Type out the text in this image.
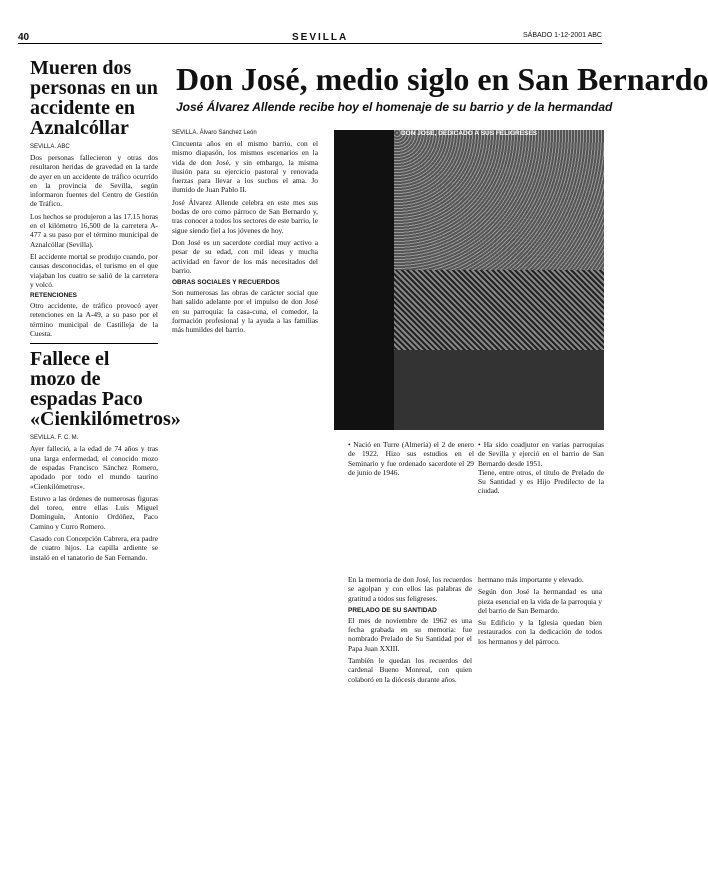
40	SEVILLA	SÁBADO 1-12-2001 ABC
Mueren dos personas en un accidente en Aznalcóllar
SEVILLA. ABC

Dos personas fallecieron y otras dos resultaron heridas de gravedad en la tarde de ayer en un accidente de tráfico ocurrido en la provincia de Sevilla, según informaron fuentes del Centro de Gestión de Tráfico.

Los hechos se produjeron a las 17.15 horas en el kilómetro 16,500 de la carretera A-477 a su paso por el término municipal de Aznalcóllar (Sevilla).

El accidente mortal se produjo cuando, por causas desconocidas, el turismo en el que viajaban los cuatro se salió de la carretera y volcó.

RETENCIONES

Otro accidente, de tráfico provocó ayer retenciones en la A-49, a su paso por el término municipal de Castilleja de la Cuesta.

Fallece el mozo de espadas Paco «Cienkilómetros»
SEVILLA. F. C. M.

Ayer falleció, a la edad de 74 años y tras una larga enfermedad, el conocido mozo de espadas Francisco Sánchez Romero, apodado por todo el mundo taurino «Cienkilómetros».

Estuvo a las órdenes de numerosas figuras del toreo, entre ellas Luis Miguel Dominguín, Antonio Ordóñez, Paco Camino y Curro Romero.

Casado con Concepción Cabrera, era padre de cuatro hijos. La capilla ardiente se instaló en el tanatorio de San Fernando.

Don José, medio siglo en San Bernardo
José Álvarez Allende recibe hoy el homenaje de su barrio y de la hermandad
SEVILLA. Álvaro Sánchez León

Cincuenta años en el mismo barrio, con el mismo diapasón, los mismos escenarios en la vida de don José, y sin embargo, la misma ilusión para su ejercicio pastoral y renovada fuerzas para llevar a los suchos el ama. Jo ilumido de Juan Pablo II.

José Álvarez Allende celebra en este mes sus bodas de oro como párroco de San Bernardo y, tras conocer a todos los sectores de este barrio, le sigue siendo fiel a los jóvenes de hoy.

Don José es un sacerdote cordial muy activo a pesar de su edad, con mil ideas y mucha actividad en favor de los más necesitados del barrio.

OBRAS SOCIALES Y RECUERDOS

Son numerosas las obras de carácter social que han salido adelante por el impulso de don José en su parroquia: la casa-cuna, el comedor, la formación profesional y la ayuda a las familias más humildes del barrio.

DON JOSÉ, DEDICADO A SUS FELIGRESES
• Nació en Turre (Almería) el 2 de enero de 1922. Hizo sus estudios en el Seminario y fue ordenado sacerdote el 29 de junio de 1946.
• Ha sido coadjutor en varias parroquias de Sevilla y ejerció en el barrio de San Bernardo desde 1951.
Tiene, entre otros, el título de Prelado de Su Santidad y es Hijo Predilecto de la ciudad.

En la memoria de don José, los recuerdos se agolpan y con ellos las palabras de gratitud a todos sus feligreses.

PRELADO DE SU SANTIDAD

El mes de noviembre de 1962 es una fecha grabada en su memoria: fue nombrado Prelado de Su Santidad por el Papa Juan XXIII.

También le quedan los recuerdos del cardenal Bueno Monreal, con quien colaboró en la diócesis durante años.

hermano más importante y elevado.

Según don José la hermandad es una pieza esencial en la vida de la parroquia y del barrio de San Bernardo.

Su Edificio y la Iglesia quedan bien restaurados con la dedicación de todos los hermanos y del párroco.
